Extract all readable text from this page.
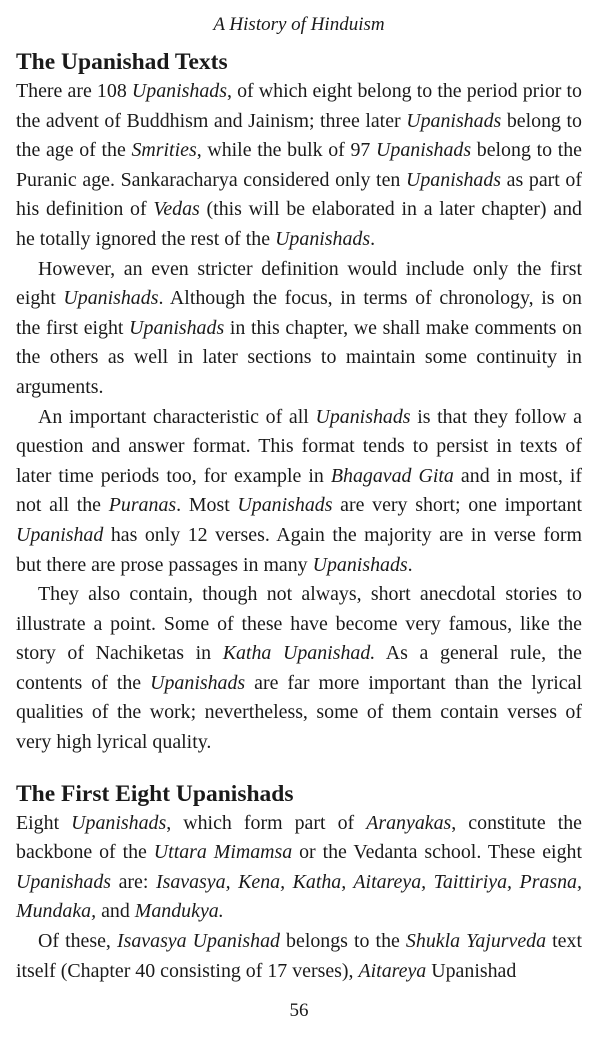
A History of Hinduism
The Upanishad Texts

There are 108 Upanishads, of which eight belong to the period prior to the advent of Buddhism and Jainism; three later Upanishads belong to the age of the Smrities, while the bulk of 97 Upanishads belong to the Puranic age. Sankaracharya considered only ten Upanishads as part of his definition of Vedas (this will be elaborated in a later chapter) and he totally ignored the rest of the Upanishads.

However, an even stricter definition would include only the first eight Upanishads. Although the focus, in terms of chronology, is on the first eight Upanishads in this chapter, we shall make comments on the others as well in later sections to maintain some continuity in arguments.

An important characteristic of all Upanishads is that they follow a question and answer format. This format tends to persist in texts of later time periods too, for example in Bhagavad Gita and in most, if not all the Puranas. Most Upanishads are very short; one important Upanishad has only 12 verses. Again the majority are in verse form but there are prose passages in many Upanishads.

They also contain, though not always, short anecdotal stories to illustrate a point. Some of these have become very famous, like the story of Nachiketas in Katha Upanishad. As a general rule, the contents of the Upanishads are far more important than the lyrical qualities of the work; nevertheless, some of them contain verses of very high lyrical quality.

The First Eight Upanishads

Eight Upanishads, which form part of Aranyakas, constitute the backbone of the Uttara Mimamsa or the Vedanta school. These eight Upanishads are: Isavasya, Kena, Katha, Aitareya, Taittiriya, Prasna, Mundaka, and Mandukya.

Of these, Isavasya Upanishad belongs to the Shukla Yajurveda text itself (Chapter 40 consisting of 17 verses), Aitareya Upanishad

56
